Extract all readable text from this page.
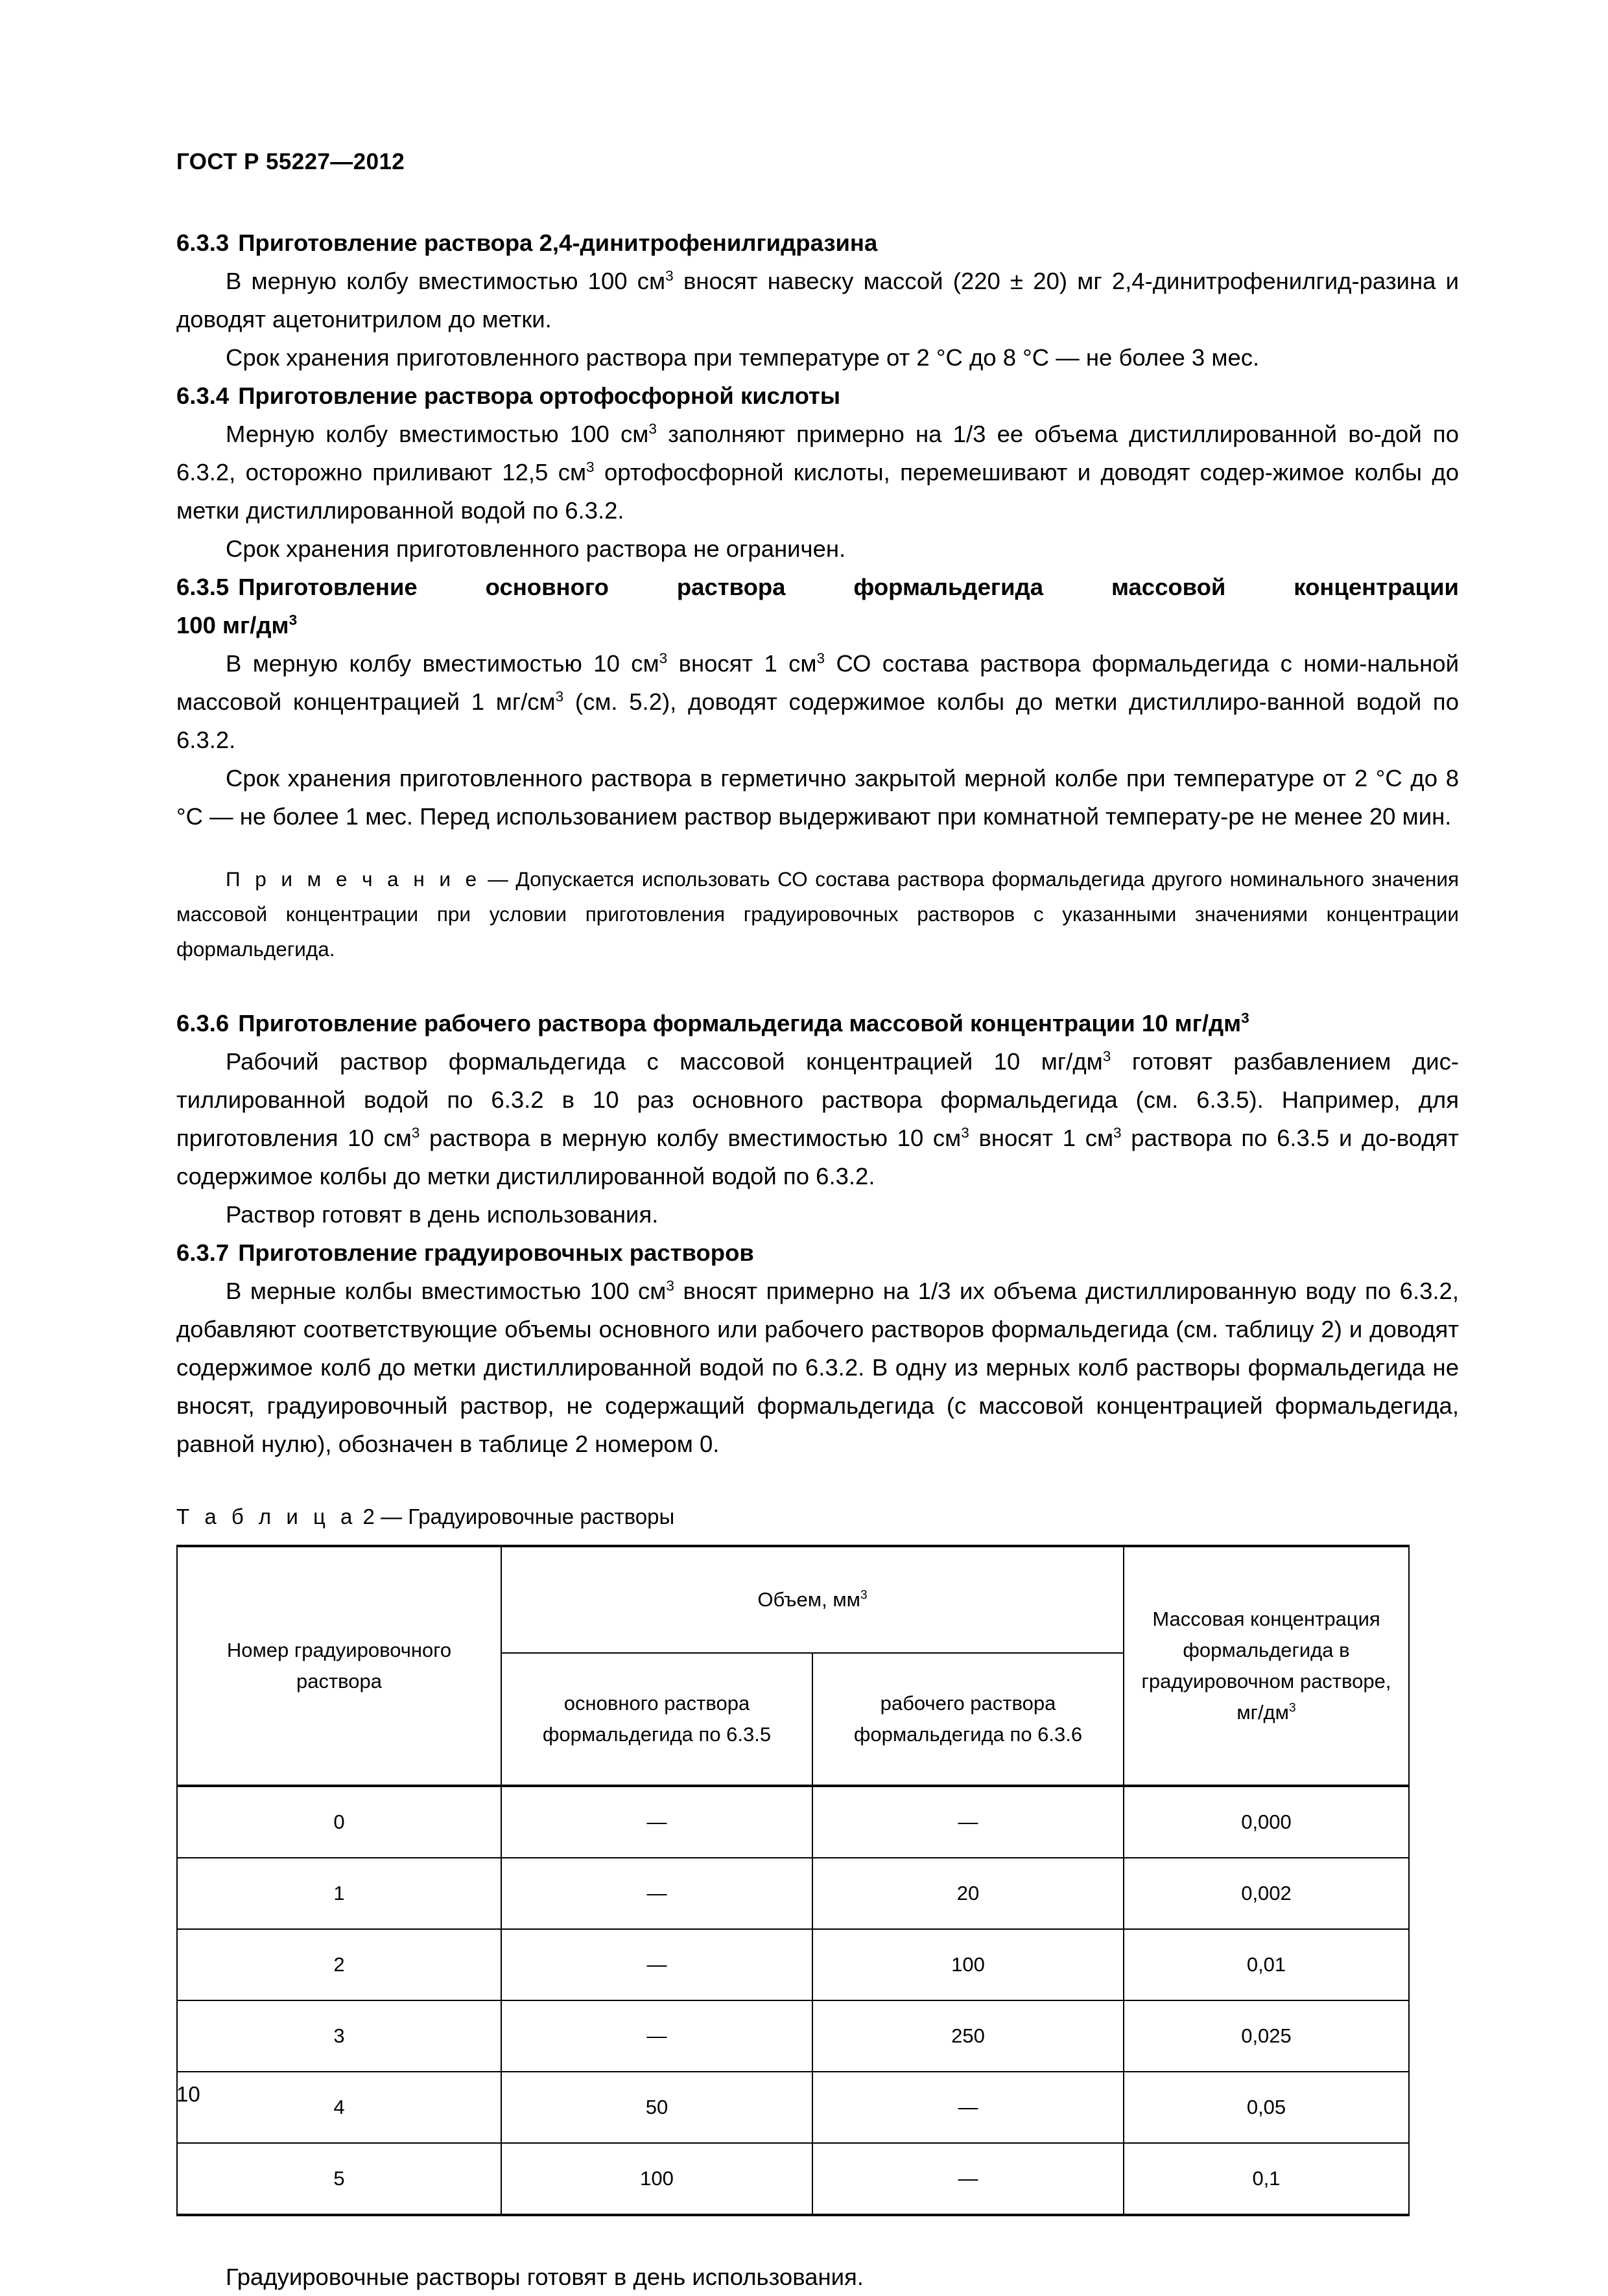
ГОСТ Р 55227—2012
6.3.3 Приготовление раствора 2,4-динитрофенилгидразина

В мерную колбу вместимостью 100 $см^3$ вносят навеску массой (220 ± 20) мг 2,4-динитрофенилгид-разина и доводят ацетонитрилом до метки.

Срок хранения приготовленного раствора при температуре от 2 °С до 8 °С — не более 3 мес.

6.3.4 Приготовление раствора ортофосфорной кислоты

Мерную колбу вместимостью 100 $см^3$ заполняют примерно на 1/3 ее объема дистиллированной во-дой по 6.3.2, осторожно приливают 12,5 $см^3$ ортофосфорной кислоты, перемешивают и доводят содер-жимое колбы до метки дистиллированной водой по 6.3.2.

Срок хранения приготовленного раствора не ограничен.

6.3.5 Приготовление основного раствора формальдегида массовой концентрации
100 $мг/дм^3$

В мерную колбу вместимостью 10 $см^3$ вносят 1 $см^3$ СО состава раствора формальдегида с номи-нальной массовой концентрацией 1 $мг/см^3$ (см. 5.2), доводят содержимое колбы до метки дистиллиро-ванной водой по 6.3.2.

Срок хранения приготовленного раствора в герметично закрытой мерной колбе при температуре от 2 °С до 8 °С — не более 1 мес. Перед использованием раствор выдерживают при комнатной температу-ре не менее 20 мин.

П р и м е ч а н и е — Допускается использовать СО состава раствора формальдегида другого номинального значения массовой концентрации при условии приготовления градуировочных растворов с указанными значениями концентрации формальдегида.

6.3.6 Приготовление рабочего раствора формальдегида массовой концентрации 10 $мг/дм^3$

Рабочий раствор формальдегида с массовой концентрацией 10 $мг/дм^3$ готовят разбавлением дис-тиллированной водой по 6.3.2 в 10 раз основного раствора формальдегида (см. 6.3.5). Например, для приготовления 10 $см^3$ раствора в мерную колбу вместимостью 10 $см^3$ вносят 1 $см^3$ раствора по 6.3.5 и до-водят содержимое колбы до метки дистиллированной водой по 6.3.2.

Раствор готовят в день использования.

6.3.7 Приготовление градуировочных растворов

В мерные колбы вместимостью 100 $см^3$ вносят примерно на 1/3 их объема дистиллированную воду по 6.3.2, добавляют соответствующие объемы основного или рабочего растворов формальдегида (см. таблицу 2) и доводят содержимое колб до метки дистиллированной водой по 6.3.2. В одну из мерных колб растворы формальдегида не вносят, градуировочный раствор, не содержащий формальдегида (с массовой концентрацией формальдегида, равной нулю), обозначен в таблице 2 номером 0.

Т а б л и ц а 2 — Градуировочные растворы
Номер градуировочного раствора	Объем, $мм^3$		Массовая концентрация формальдегида в градуировочном растворе, $мг/дм^3$
	основного раствора формальдегида по 6.3.5	рабочего раствора формальдегида по 6.3.6	
0	—	—	0,000
1	—	20	0,002
2	—	100	0,01
3	—	250	0,025
4	50	—	0,05
5	100	—	0,1

Градуировочные растворы готовят в день использования.

10
